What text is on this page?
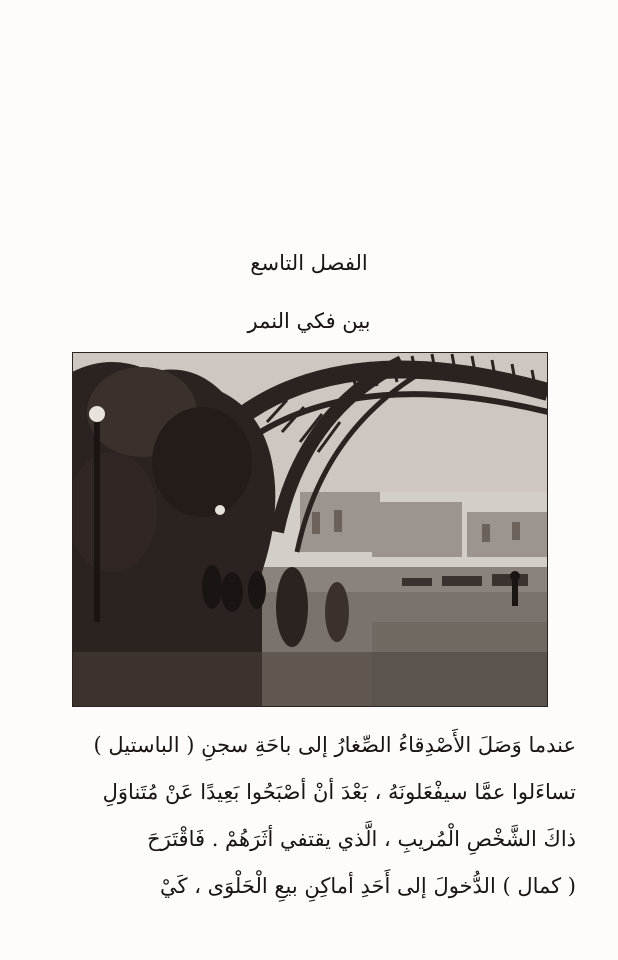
الفصل التاسع
بين فكي النمر
عندما وَصَلَ الأَصْدِقاءُ الصِّغارُ إلى باحَةِ سجنِ ( الباستيل )
تساءَلوا عمَّا سيفْعَلونَهُ ، بَعْدَ أنْ أصْبَحُوا بَعِيدًا عَنْ مُتَناوَلِ
ذاكَ الشَّخْصِ الْمُريبِ ، الَّذي يقتفي أثَرَهُمْ . فَاقْتَرَحَ
( كمال ) الدُّخولَ إلى أَحَدِ أماكِنِ بيعِ الْحَلْوَى ، كَيْ
